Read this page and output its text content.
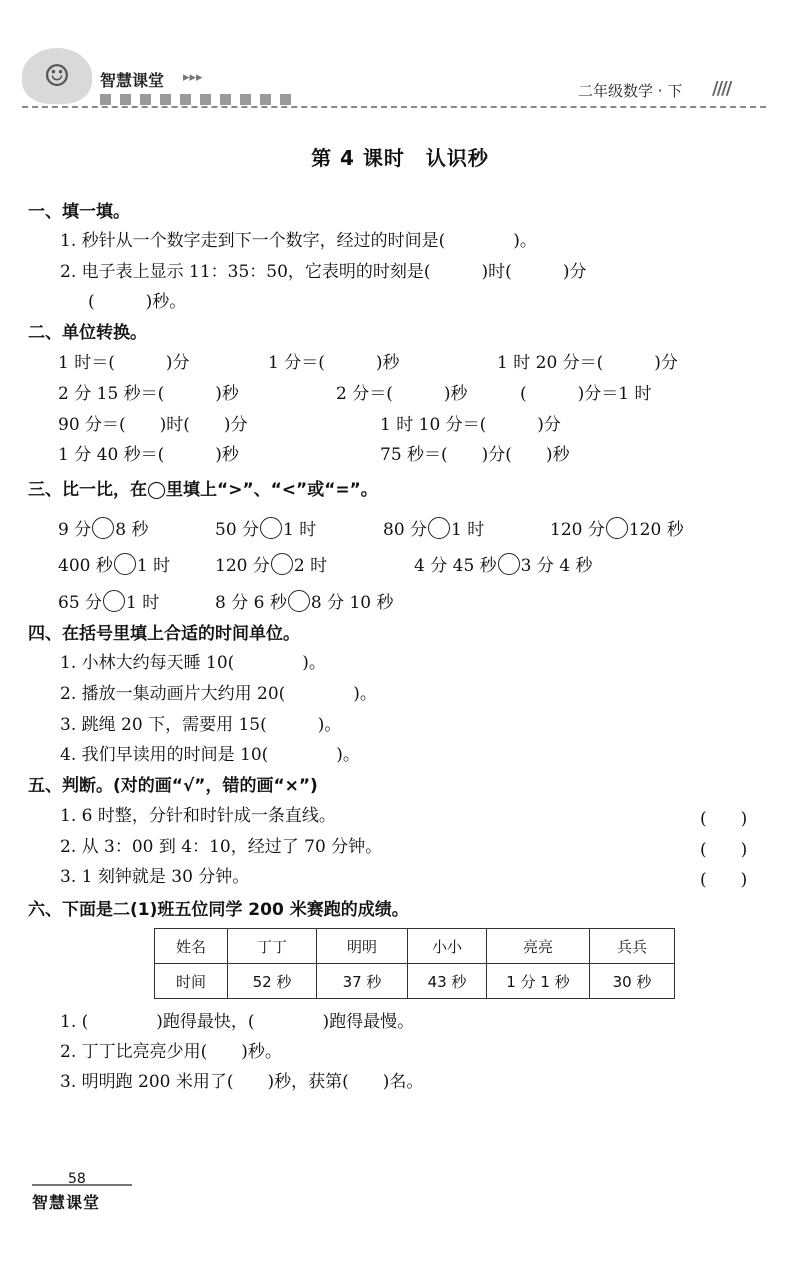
☺	智慧课堂 ▸▸▸
二年级数学 · 下 ////
第 4 课时　认识秒
一、填一填。
1. 秒针从一个数字走到下一个数字，经过的时间是(　　　　)。
2. 电子表上显示 11：35：50，它表明的时刻是(　　　)时(　　　)分
(　　　)秒。
二、单位转换。
1 时＝(　　　)分	1 分＝(　　　)秒	1 时 20 分＝(　　　)分
2 分 15 秒＝(　　　)秒	2 分＝(　　　)秒	(　　　)分＝1 时
90 分＝(　　)时(　　)分	1 时 10 分＝(　　　)分
1 分 40 秒＝(　　　)秒	75 秒＝(　　)分(　　)秒
三、比一比，在◯里填上“>”、“<”或“=”。
9 分 8 秒	50 分 1 时	80 分 1 时	120 分 120 秒
400 秒 1 时	120 分 2 时	4 分 45 秒 3 分 4 秒
65 分 1 时	8 分 6 秒 8 分 10 秒
四、在括号里填上合适的时间单位。
1. 小林大约每天睡 10(　　　　)。
2. 播放一集动画片大约用 20(　　　　)。
3. 跳绳 20 下，需要用 15(　　　)。
4. 我们早读用的时间是 10(　　　　)。
五、判断。(对的画“√”，错的画“×”)
1. 6 时整，分针和时针成一条直线。	(　　)
2. 从 3：00 到 4：10，经过了 70 分钟。	(　　)
3. 1 刻钟就是 30 分钟。	(　　)
六、下面是二(1)班五位同学 200 米赛跑的成绩。
姓名	丁丁	明明	小小	亮亮	兵兵
时间	52 秒	37 秒	43 秒	1 分 1 秒	30 秒
1. (　　　　)跑得最快，(　　　　)跑得最慢。
2. 丁丁比亮亮少用(　　)秒。
3. 明明跑 200 米用了(　　)秒，获第(　　)名。
58
智慧课堂
